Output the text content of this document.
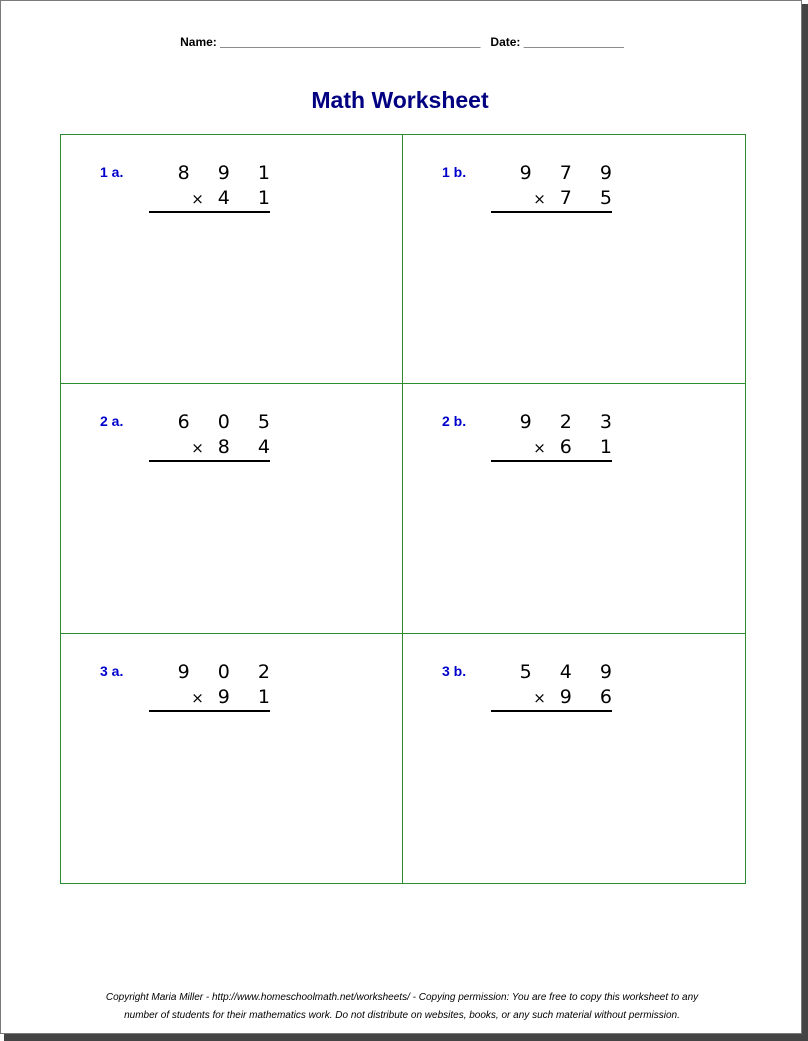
Name: _______________________________________ Date: _______________
Math Worksheet
1 a.	8 9 1
× 4 1
1 b.	9 7 9
× 7 5
2 a.	6 0 5
× 8 4
2 b.	9 2 3
× 6 1
3 a.	9 0 2
× 9 1
3 b.	5 4 9
× 9 6
Copyright Maria Miller - http://www.homeschoolmath.net/worksheets/ - Copying permission: You are free to copy this worksheet to any
number of students for their mathematics work. Do not distribute on websites, books, or any such material without permission.
